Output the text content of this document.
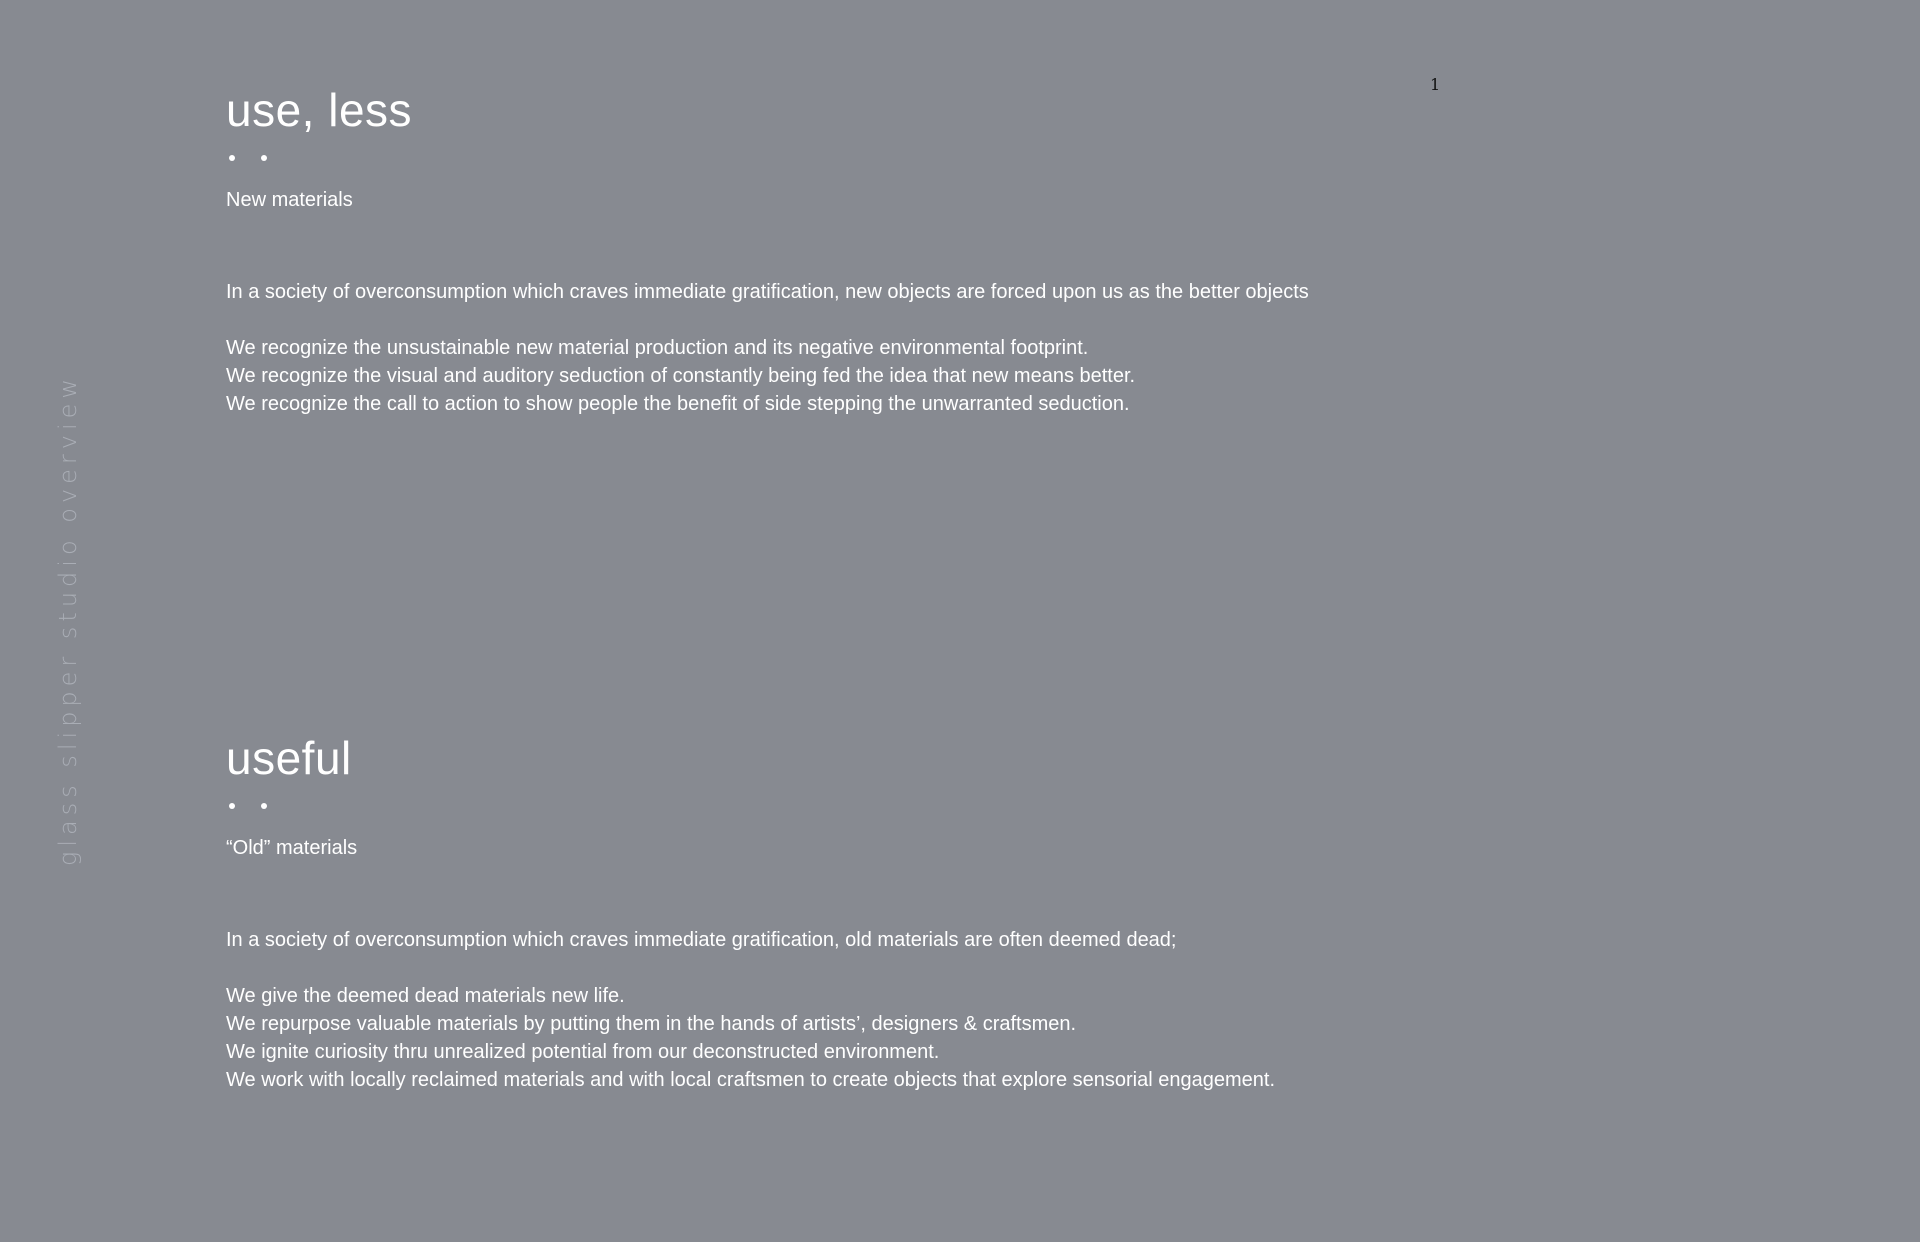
glass slipper studio overview
1
use, less
New materials
In a society of overconsumption which craves immediate gratification, new objects are forced upon us as the better objects
We recognize the unsustainable new material production and its negative environmental footprint.
We recognize the visual and auditory seduction of constantly being fed the idea that new means better.
We recognize the call to action to show people the benefit of side stepping the unwarranted seduction.
useful
“Old” materials
In a society of overconsumption which craves immediate gratification, old materials are often deemed dead;
We give the deemed dead materials new life.
We repurpose valuable materials by putting them in the hands of artists’, designers & craftsmen.
We ignite curiosity thru unrealized potential from our deconstructed environment.
We work with locally reclaimed materials and with local craftsmen to create objects that explore sensorial engagement.
